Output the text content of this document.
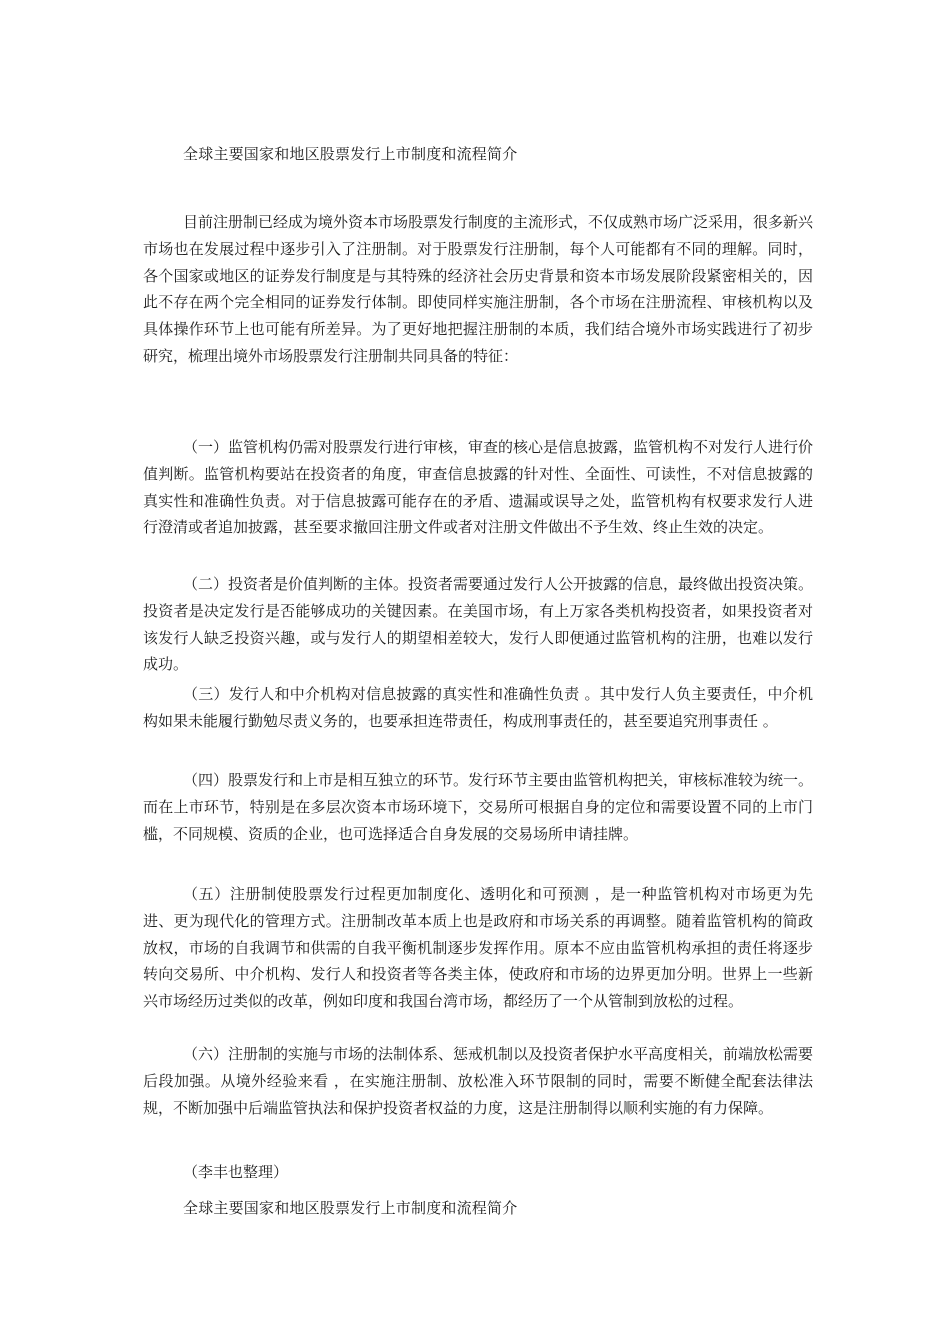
全球主要国家和地区股票发行上市制度和流程简介

目前注册制已经成为境外资本市场股票发行制度的主流形式，不仅成熟市场广泛采用，很多新兴市场也在发展过程中逐步引入了注册制。对于股票发行注册制，每个人可能都有不同的理解。同时，各个国家或地区的证券发行制度是与其特殊的经济社会历史背景和资本市场发展阶段紧密相关的，因此不存在两个完全相同的证券发行体制。即使同样实施注册制，各个市场在注册流程、审核机构以及具体操作环节上也可能有所差异。为了更好地把握注册制的本质，我们结合境外市场实践进行了初步研究，梳理出境外市场股票发行注册制共同具备的特征：

（一）监管机构仍需对股票发行进行审核，审查的核心是信息披露，监管机构不对发行人进行价值判断。监管机构要站在投资者的角度，审查信息披露的针对性、全面性、可读性，不对信息披露的真实性和准确性负责。对于信息披露可能存在的矛盾、遗漏或误导之处，监管机构有权要求发行人进行澄清或者追加披露，甚至要求撤回注册文件或者对注册文件做出不予生效、终止生效的决定。

（二）投资者是价值判断的主体。投资者需要通过发行人公开披露的信息，最终做出投资决策。投资者是决定发行是否能够成功的关键因素。在美国市场，有上万家各类机构投资者，如果投资者对该发行人缺乏投资兴趣，或与发行人的期望相差较大，发行人即便通过监管机构的注册，也难以发行成功。

（三）发行人和中介机构对信息披露的真实性和准确性负责 。其中发行人负主要责任，中介机构如果未能履行勤勉尽责义务的，也要承担连带责任，构成刑事责任的，甚至要追究刑事责任 。

（四）股票发行和上市是相互独立的环节。发行环节主要由监管机构把关，审核标准较为统一。而在上市环节，特别是在多层次资本市场环境下，交易所可根据自身的定位和需要设置不同的上市门槛，不同规模、资质的企业，也可选择适合自身发展的交易场所申请挂牌。

（五）注册制使股票发行过程更加制度化、透明化和可预测 ，是一种监管机构对市场更为先进、更为现代化的管理方式。注册制改革本质上也是政府和市场关系的再调整。随着监管机构的简政放权，市场的自我调节和供需的自我平衡机制逐步发挥作用。原本不应由监管机构承担的责任将逐步转向交易所、中介机构、发行人和投资者等各类主体，使政府和市场的边界更加分明。世界上一些新兴市场经历过类似的改革，例如印度和我国台湾市场，都经历了一个从管制到放松的过程。

（六）注册制的实施与市场的法制体系、惩戒机制以及投资者保护水平高度相关，前端放松需要后段加强。从境外经验来看 ，在实施注册制、放松准入环节限制的同时，需要不断健全配套法律法规，不断加强中后端监管执法和保护投资者权益的力度，这是注册制得以顺利实施的有力保障。

（李丰也整理）
全球主要国家和地区股票发行上市制度和流程简介
